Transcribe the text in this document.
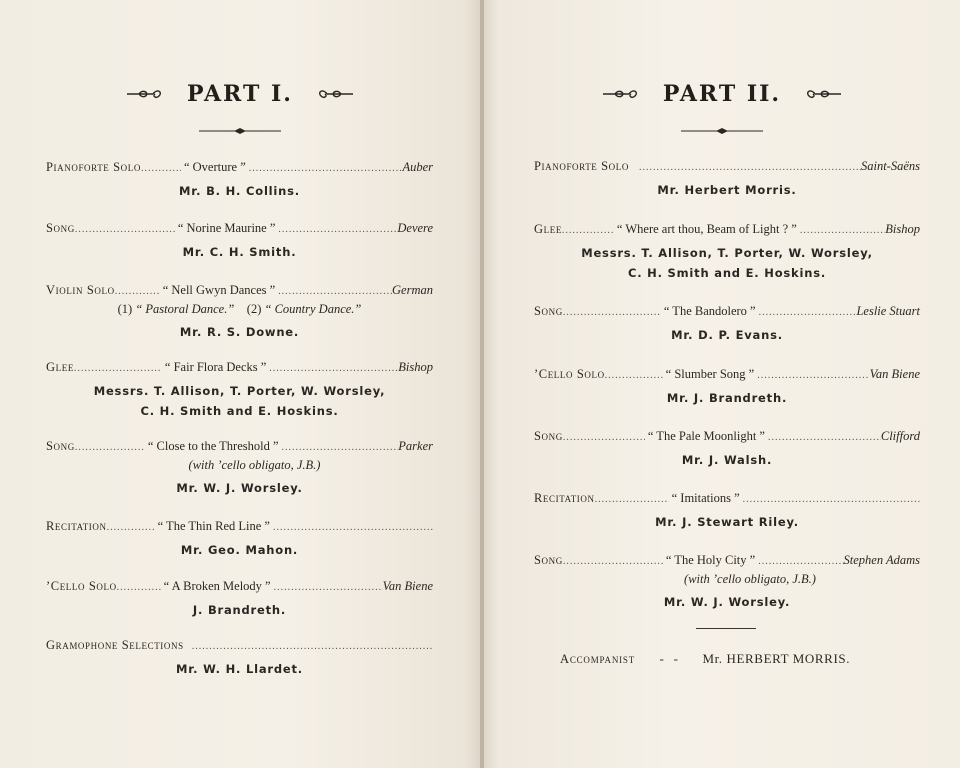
PART I.
Pianoforte Solo .....	“ Overture ” .....	Auber
Mr. B. H. Collins.
Song .....	“ Norine Maurine ” .....	Devere
Mr. C. H. Smith.
Violin Solo .....	“ Nell Gwyn Dances ” .....	German
(1) “ Pastoral Dance.” (2) “ Country Dance.”
Mr. R. S. Downe.
Glee .....	“ Fair Flora Decks ” .....	Bishop
Messrs. T. Allison, T. Porter, W. Worsley,
C. H. Smith and E. Hoskins.
Song .....	“ Close to the Threshold ” .....	Parker
(with ’cello obligato, J.B.)
Mr. W. J. Worsley.
Recitation .....	“ The Thin Red Line ”
.....
Mr. Geo. Mahon.
’Cello Solo .....	“ A Broken Melody ” .....	Van Biene
J. Brandreth.
Gramophone Selections
.....
Mr. W. H. Llardet.
PART II.
Pianoforte Solo .....	Saint-Saëns
Mr. Herbert Morris.
Glee .....	“ Where art thou, Beam of Light ? ” .....	Bishop
Messrs. T. Allison, T. Porter, W. Worsley,
C. H. Smith and E. Hoskins.
Song .....	“ The Bandolero ” .....	Leslie Stuart
Mr. D. P. Evans.
’Cello Solo .....	“ Slumber Song ” .....	Van Biene
Mr. J. Brandreth.
Song .....	“ The Pale Moonlight ” .....	Clifford
Mr. J. Walsh.
Recitation .....	“ Imitations ”
.....
Mr. J. Stewart Riley.
Song .....	“ The Holy City ” .....	Stephen Adams
(with ’cello obligato, J.B.)
Mr. W. J. Worsley.
Accompanist -   - Mr. HERBERT MORRIS.
